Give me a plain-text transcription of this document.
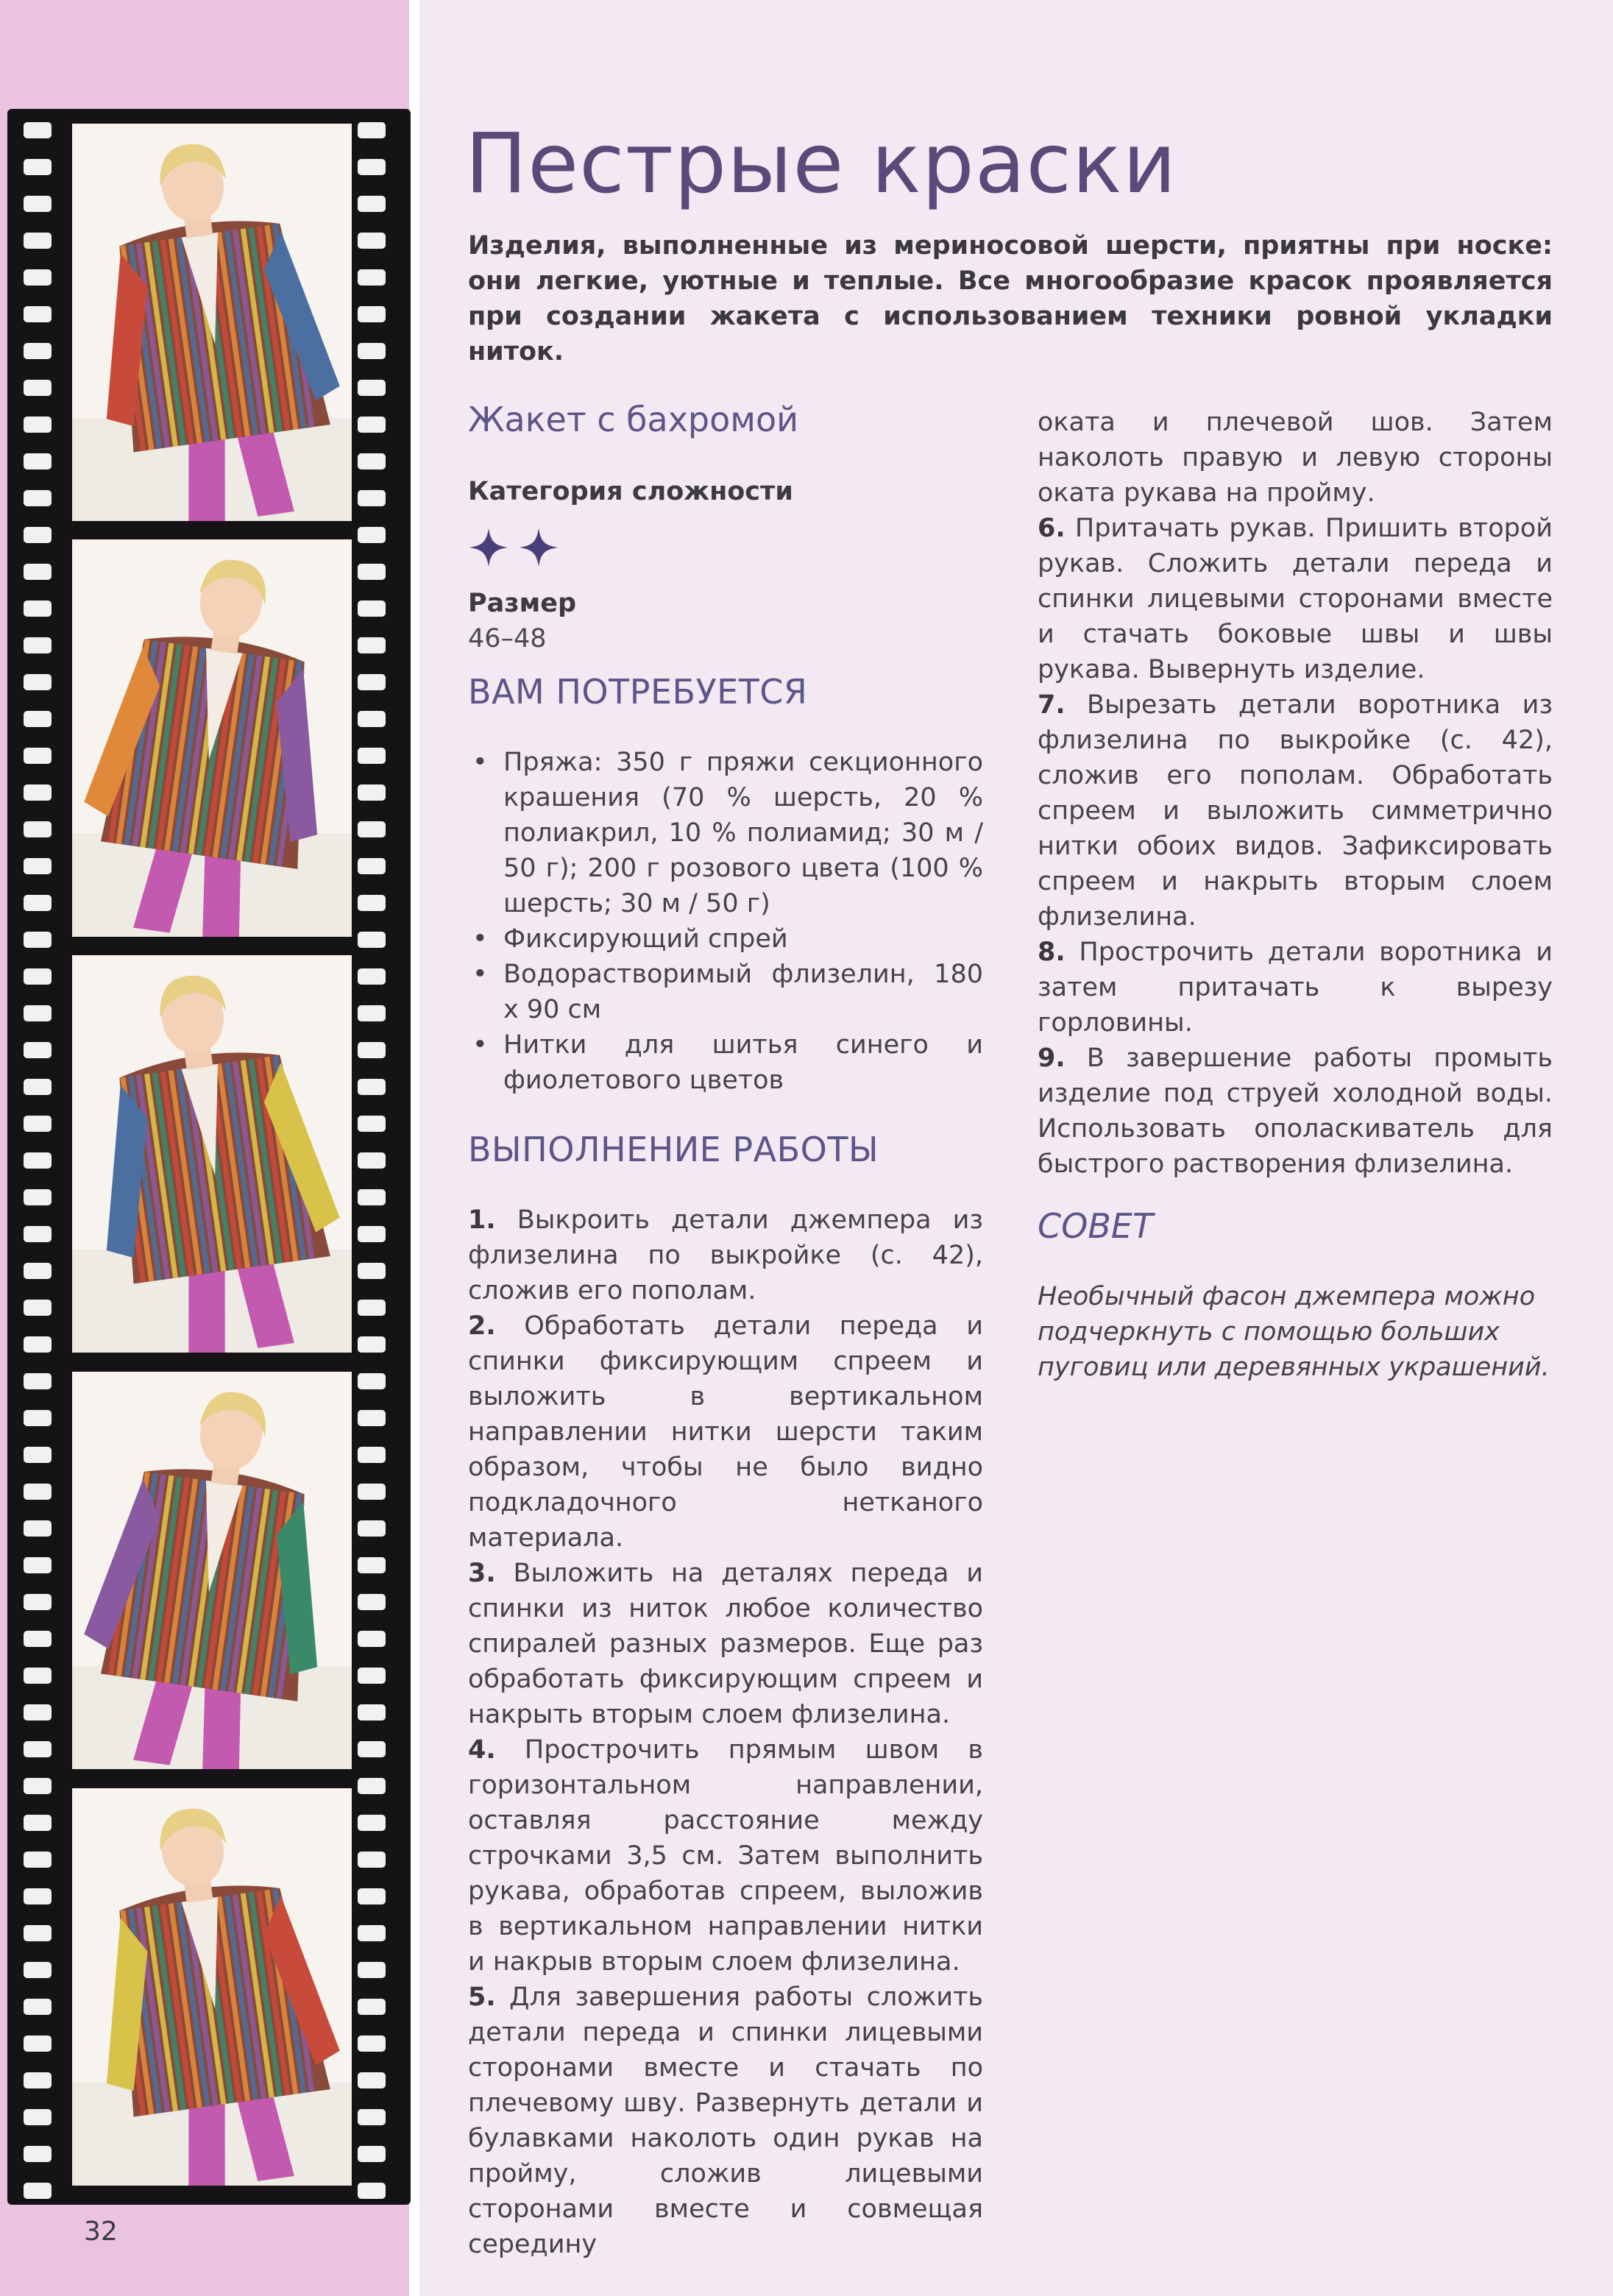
32
Пестрые краски

Изделия, выполненные из мериносовой шерсти, приятны при носке: они легкие, уютные и теплые. Все многообразие красок проявляется при создании жакета с использованием техники ровной укладки ниток.

Жакет с бахромой

Категория сложности

Размер

46–48

ВАМ ПОТРЕБУЕТСЯ
• Пряжа: 350 г пряжи секционного крашения (70 % шерсть, 20 % полиакрил, 10 % полиамид; 30 м / 50 г); 200 г розового цвета (100 % шерсть; 30 м / 50 г)
• Фиксирующий спрей
• Водорастворимый флизелин, 180 х 90 см
• Нитки для шитья синего и фиолетового цветов
ВЫПОЛНЕНИЕ РАБОТЫ

1. Выкроить детали джемпера из флизелина по выкройке (с. 42), сложив его пополам.

2. Обработать детали переда и спинки фиксирующим спреем и выложить в вертикальном направлении нитки шерсти таким образом, чтобы не было видно подкладочного нетканого материала.

3. Выложить на деталях переда и спинки из ниток любое количество спиралей разных размеров. Еще раз обработать фиксирующим спреем и накрыть вторым слоем флизелина.

4. Прострочить прямым швом в горизонтальном направлении, оставляя расстояние между строчками 3,5 см. Затем выполнить рукава, обработав спреем, выложив в вертикальном направлении нитки и накрыв вторым слоем флизелина.

5. Для завершения работы сложить детали переда и спинки лицевыми сторонами вместе и стачать по плечевому шву. Развернуть детали и булавками наколоть один рукав на пройму, сложив лицевыми сторонами вместе и совмещая середину

оката и плечевой шов. Затем наколоть правую и левую стороны оката рукава на пройму.

6. Притачать рукав. Пришить второй рукав. Сложить детали переда и спинки лицевыми сторонами вместе и стачать боковые швы и швы рукава. Вывернуть изделие.

7. Вырезать детали воротника из флизелина по выкройке (с. 42), сложив его пополам. Обработать спреем и выложить симметрично нитки обоих видов. Зафиксировать спреем и накрыть вторым слоем флизелина.

8. Прострочить детали воротника и затем притачать к вырезу горловины.

9. В завершение работы промыть изделие под струей холодной воды. Использовать ополаскиватель для быстрого растворения флизелина.

СОВЕТ

Необычный фасон джемпера можно подчеркнуть с помощью больших пуговиц или деревянных украшений.
